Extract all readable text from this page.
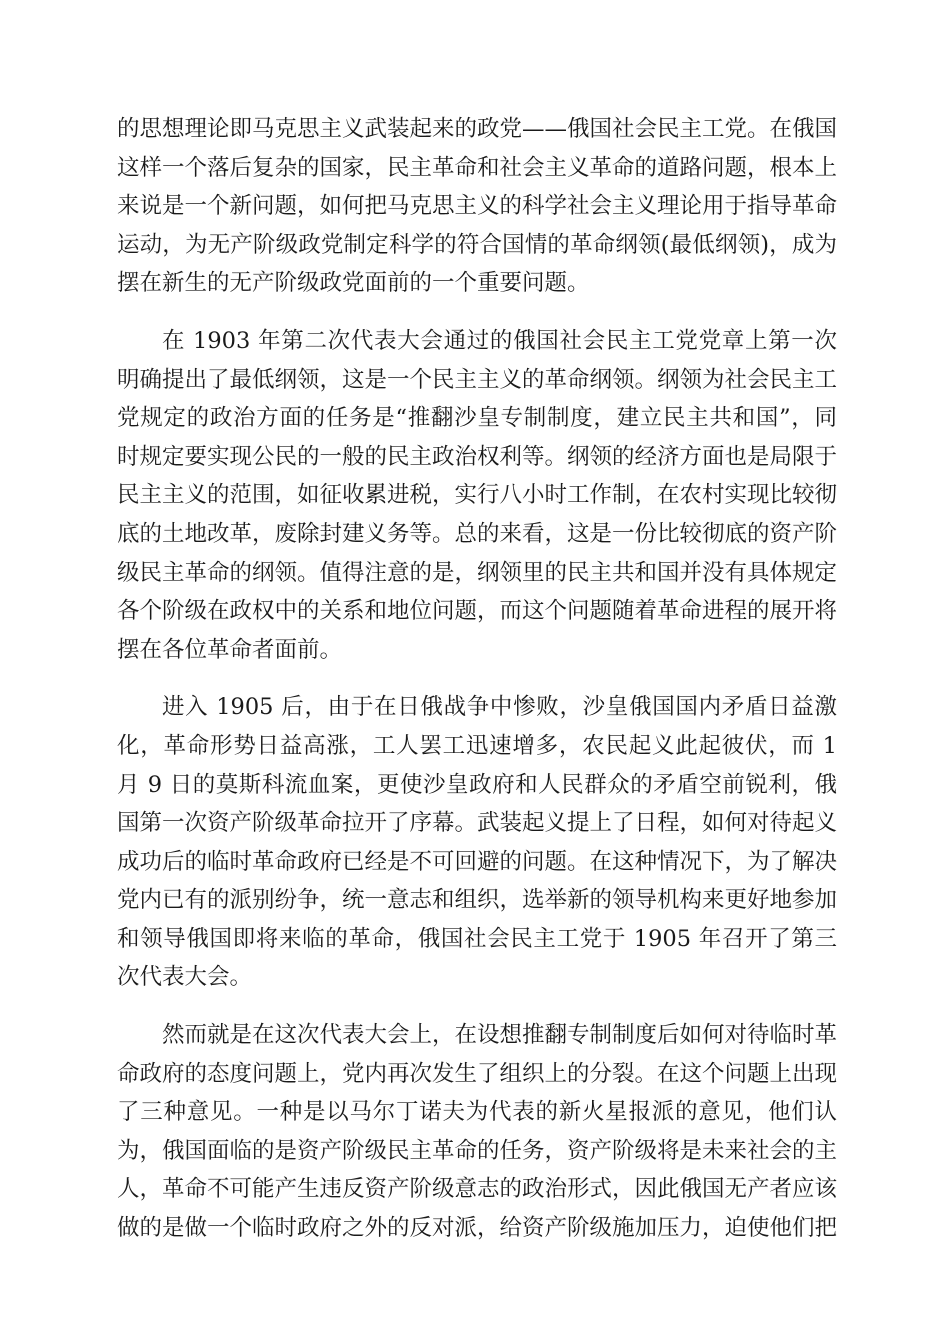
的思想理论即马克思主义武装起来的政党——俄国社会民主工党。在俄国这样一个落后复杂的国家，民主革命和社会主义革命的道路问题，根本上来说是一个新问题，如何把马克思主义的科学社会主义理论用于指导革命运动，为无产阶级政党制定科学的符合国情的革命纲领(最低纲领)，成为摆在新生的无产阶级政党面前的一个重要问题。

在 1903 年第二次代表大会通过的俄国社会民主工党党章上第一次明确提出了最低纲领，这是一个民主主义的革命纲领。纲领为社会民主工党规定的政治方面的任务是“推翻沙皇专制制度，建立民主共和国”，同时规定要实现公民的一般的民主政治权利等。纲领的经济方面也是局限于民主主义的范围，如征收累进税，实行八小时工作制，在农村实现比较彻底的土地改革，废除封建义务等。总的来看，这是一份比较彻底的资产阶级民主革命的纲领。值得注意的是，纲领里的民主共和国并没有具体规定各个阶级在政权中的关系和地位问题，而这个问题随着革命进程的展开将摆在各位革命者面前。

进入 1905 后，由于在日俄战争中惨败，沙皇俄国国内矛盾日益激化，革命形势日益高涨，工人罢工迅速增多，农民起义此起彼伏，而 1 月 9 日的莫斯科流血案，更使沙皇政府和人民群众的矛盾空前锐利，俄国第一次资产阶级革命拉开了序幕。武装起义提上了日程，如何对待起义成功后的临时革命政府已经是不可回避的问题。在这种情况下，为了解决党内已有的派别纷争，统一意志和组织，选举新的领导机构来更好地参加和领导俄国即将来临的革命，俄国社会民主工党于 1905 年召开了第三次代表大会。

然而就是在这次代表大会上，在设想推翻专制制度后如何对待临时革命政府的态度问题上，党内再次发生了组织上的分裂。在这个问题上出现了三种意见。一种是以马尔丁诺夫为代表的新火星报派的意见，他们认为，俄国面临的是资产阶级民主革命的任务，资产阶级将是未来社会的主人，革命不可能产生违反资产阶级意志的政治形式，因此俄国无产者应该做的是做一个临时政府之外的反对派，给资产阶级施加压力，迫使他们把
